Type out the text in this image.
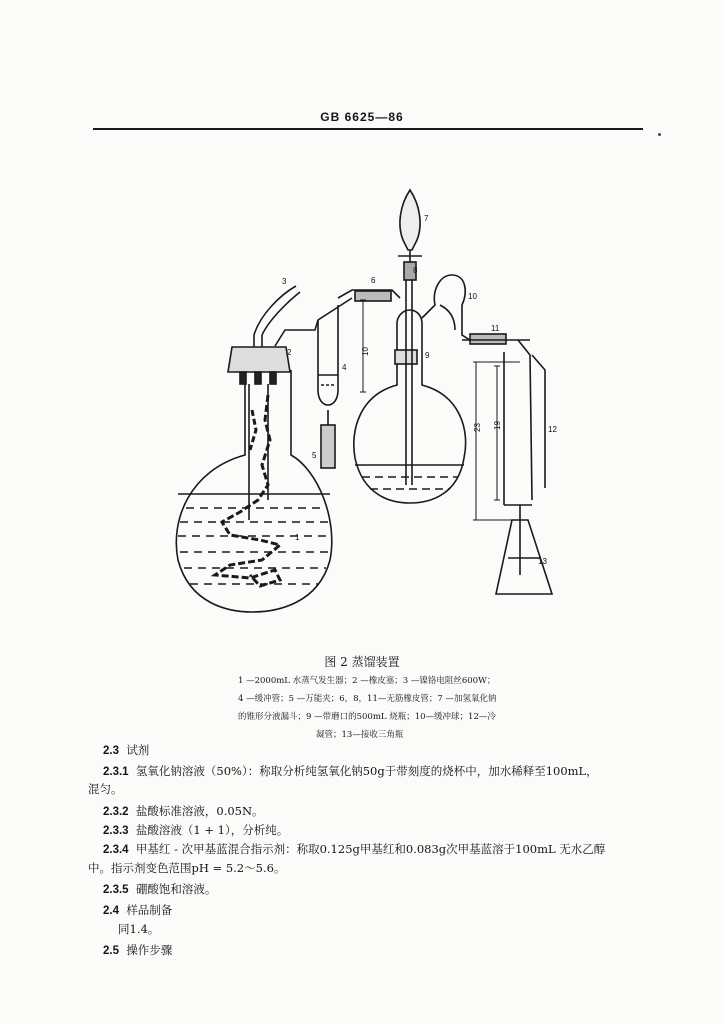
GB 6625—86
3
2
1
4
5
6
7
8
9
10
11
12
13
10
19
23
图 2 蒸馏装置
1 —2000mL 水蒸气发生器；2 —橡皮塞；3 —镍铬电阻丝600W；
4 —缓冲管；5 —万能夹；6，8，11—无筋橡皮管；7 —加氢氧化钠
的锥形分液漏斗；9 —带磨口的500mL 烧瓶；10—缓冲球；12—冷
凝管；13—接收三角瓶
2.3 试剂
2.3.1 氢氧化钠溶液（50%）：称取分析纯氢氧化钠50g于带刻度的烧杯中，加水稀释至100mL，
混匀。
2.3.2 盐酸标准溶液，0.05N。
2.3.3 盐酸溶液（1 + 1），分析纯。
2.3.4 甲基红 - 次甲基蓝混合指示剂：称取0.125g甲基红和0.083g次甲基蓝溶于100mL 无水乙醇
中。指示剂变色范围pH = 5.2～5.6。
2.3.5 硼酸饱和溶液。
2.4 样品制备
同1.4。
2.5 操作步骤
